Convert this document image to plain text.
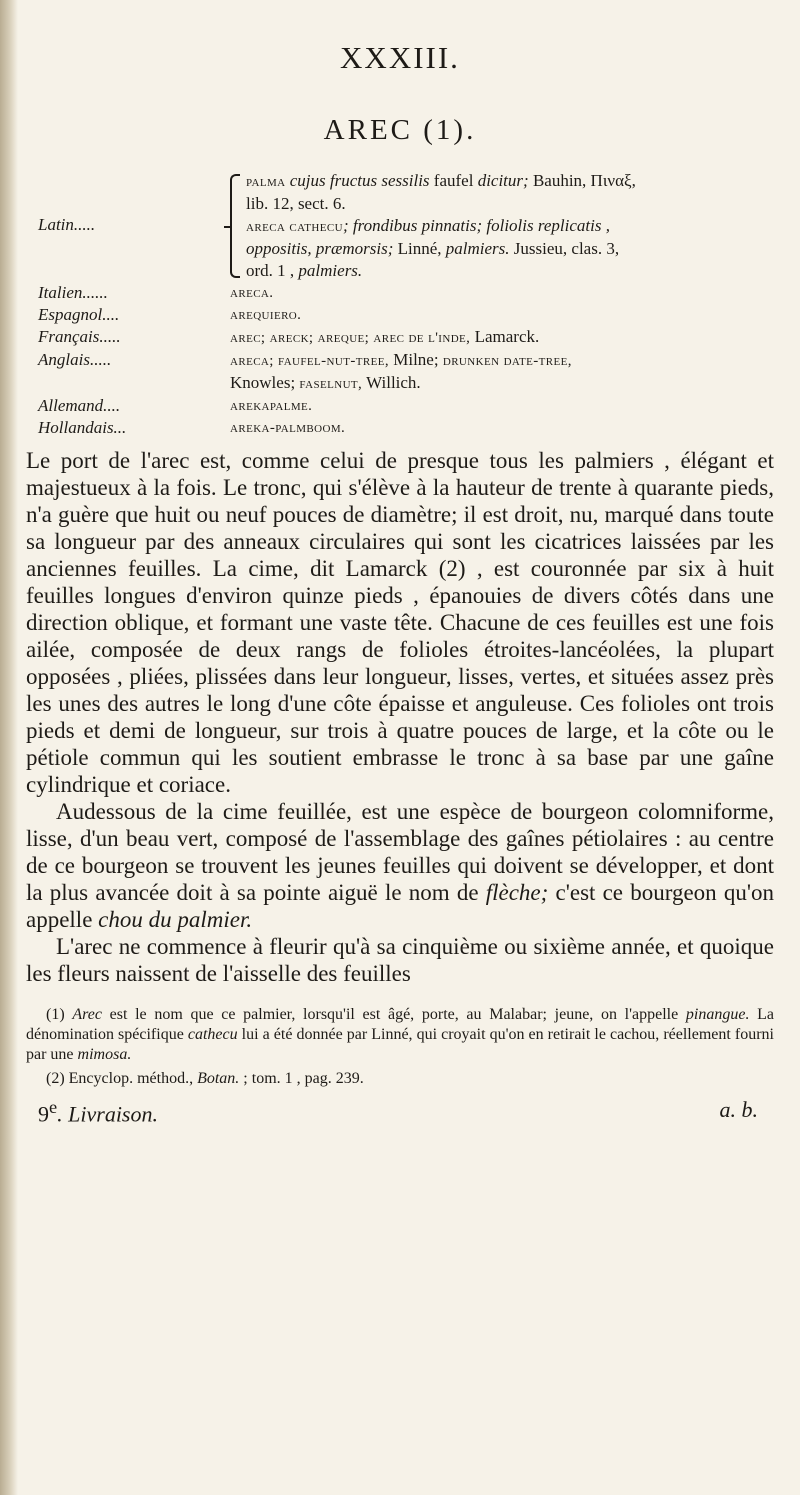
XXXIII.
AREC (1).
Latin.....
palma cujus fructus sessilis faufel dicitur; Bauhin, Πιναξ,
lib. 12, sect. 6.
areca cathecu; frondibus pinnatis; foliolis replicatis ,
oppositis, præmorsis; Linné, palmiers. Jussieu, clas. 3,
ord. 1 , palmiers.
Italien......	areca.
Espagnol....	arequiero.
Français.....	arec; areck; areque; arec de l'inde, Lamarck.
Anglais.....	areca; faufel-nut-tree, Milne; drunken date-tree,
Knowles; faselnut, Willich.
Allemand....	arekapalme.
Hollandais...	areka-palmboom.

Le port de l'arec est, comme celui de presque tous les palmiers , élégant et majestueux à la fois. Le tronc, qui s'élève à la hauteur de trente à quarante pieds, n'a guère que huit ou neuf pouces de diamètre; il est droit, nu, marqué dans toute sa longueur par des anneaux circulaires qui sont les cicatrices laissées par les anciennes feuilles. La cime, dit Lamarck (2) , est couronnée par six à huit feuilles longues d'environ quinze pieds , épanouies de divers côtés dans une direction oblique, et formant une vaste tête. Chacune de ces feuilles est une fois ailée, composée de deux rangs de folioles étroites-lancéolées, la plupart opposées , pliées, plissées dans leur longueur, lisses, vertes, et situées assez près les unes des autres le long d'une côte épaisse et anguleuse. Ces folioles ont trois pieds et demi de longueur, sur trois à quatre pouces de large, et la côte ou le pétiole commun qui les soutient embrasse le tronc à sa base par une gaîne cylindrique et coriace.

Audessous de la cime feuillée, est une espèce de bourgeon colomniforme, lisse, d'un beau vert, composé de l'assemblage des gaînes pétiolaires : au centre de ce bourgeon se trouvent les jeunes feuilles qui doivent se développer, et dont la plus avancée doit à sa pointe aiguë le nom de flèche; c'est ce bourgeon qu'on appelle chou du palmier.

L'arec ne commence à fleurir qu'à sa cinquième ou sixième année, et quoique les fleurs naissent de l'aisselle des feuilles

(1) Arec est le nom que ce palmier, lorsqu'il est âgé, porte, au Malabar; jeune, on l'appelle pinangue. La dénomination spécifique cathecu lui a été donnée par Linné, qui croyait qu'on en retirait le cachou, réellement fourni par une mimosa.

(2) Encyclop. méthod., Botan. ; tom. 1 , pag. 239.

9e. Livraison.	a. b.
